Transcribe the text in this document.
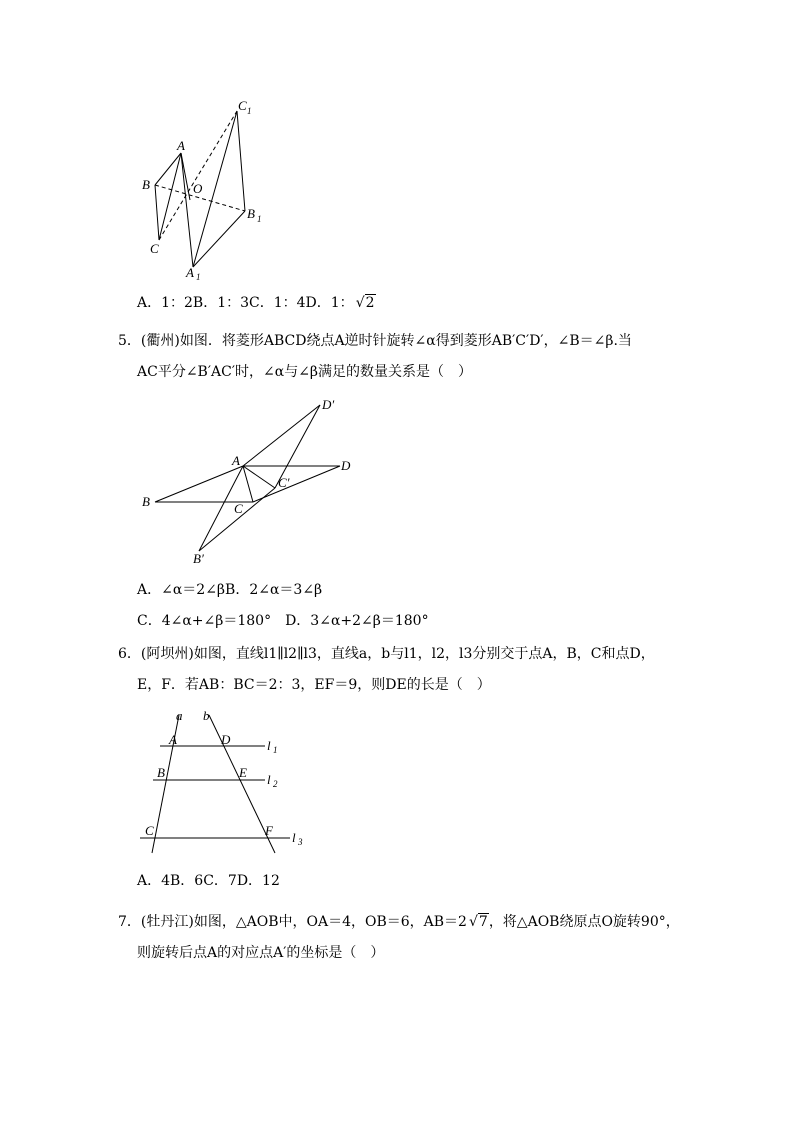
A
B
C
O
C 1
B 1
A 1
A．1：2B．1：3C．1：4D．1： √2
5．(衢州)如图．将菱形ABCD绕点A逆时针旋转∠α得到菱形AB′C′D′，∠B＝∠β.当
AC平分∠B′AC′时，∠α与∠β满足的数量关系是（　）
A
B	C
D
D′
C′
B′
A．∠α＝2∠βB．2∠α＝3∠β
C．4∠α+∠β＝180°　D．3∠α+2∠β＝180°
6．(阿坝州)如图，直线l1∥l2∥l3，直线a，b与l1，l2，l3分别交于点A，B，C和点D，
E，F．若AB：BC＝2：3，EF＝9，则DE的长是（　）
a b
A	D
B	E
C	F
l 1
l 2
l 3
A．4B．6C．7D．12
7．(牡丹江)如图，△AOB中，OA＝4，OB＝6，AB＝2 √7，将△AOB绕原点O旋转90°，
则旋转后点A的对应点A′的坐标是（　）
